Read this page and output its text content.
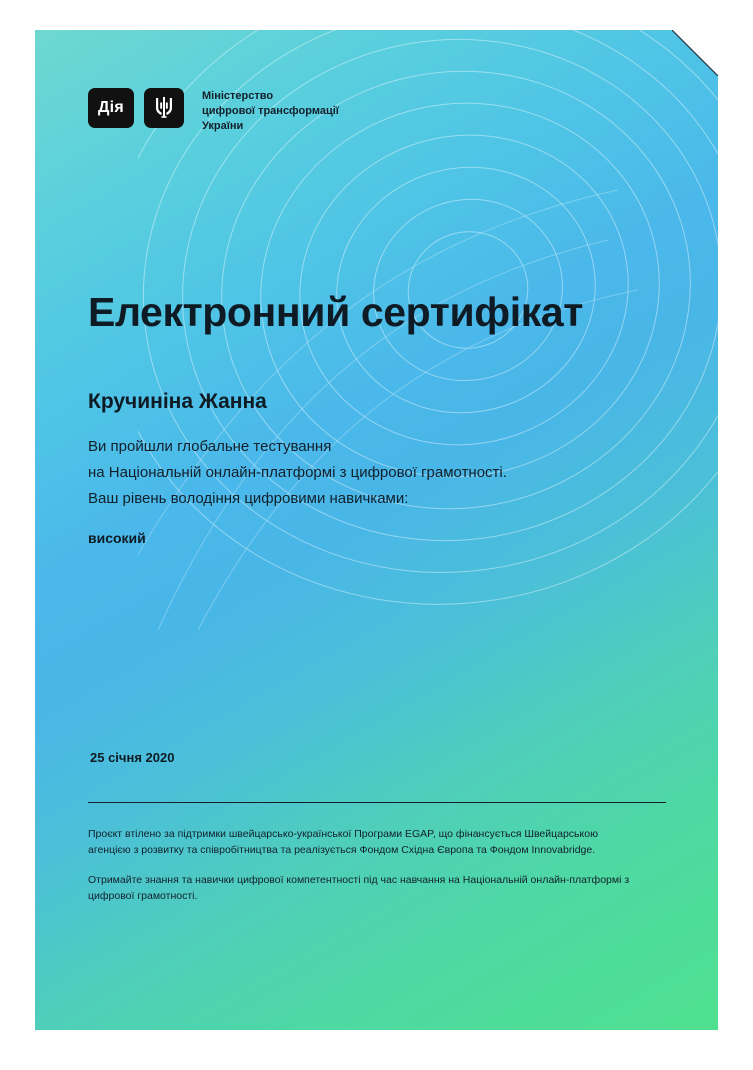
Дія
Міністерство
цифрової трансформації
України
Електронний сертифікат
Кручиніна Жанна
Ви пройшли глобальне тестування
на Національній онлайн-платформі з цифрової грамотності.
Ваш рівень володіння цифровими навичками:
високий
25 січня 2020
Проєкт втілено за підтримки швейцарсько-української Програми EGAP, що фінансується Швейцарською агенцією з розвитку та співробітництва та реалізується Фондом Східна Європа та Фондом Innovabridge.
Отримайте знання та навички цифрової компетентності під час навчання на Національній онлайн-платформі з цифрової грамотності.
